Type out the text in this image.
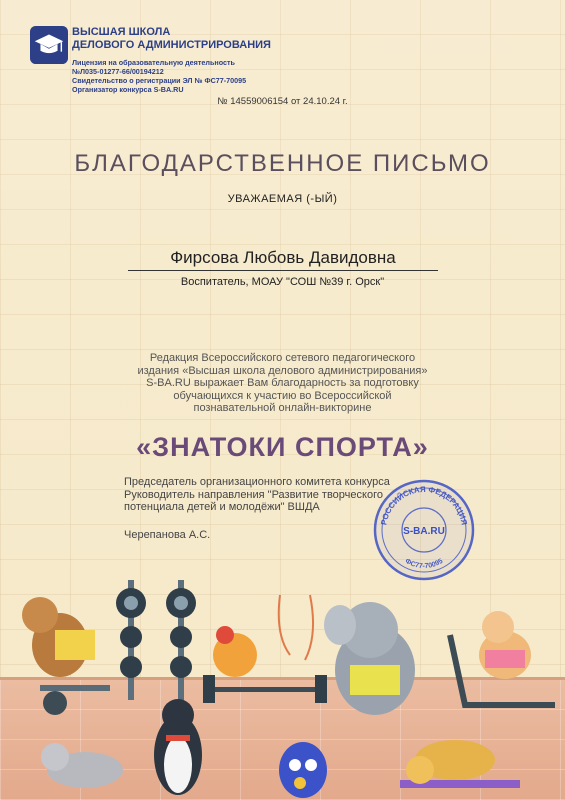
ВЫСШАЯ ШКОЛА
ДЕЛОВОГО АДМИНИСТРИРОВАНИЯ
Лицензия на образовательную деятельность
№Л035-01277-66/00194212
Свидетельство о регистрации ЭЛ № ФС77-70095
Организатор конкурса S-BA.RU
№ 14559006154 от 24.10.24 г.
БЛАГОДАРСТВЕННОЕ ПИСЬМО
УВАЖАЕМАЯ (-ЫЙ)
Фирсова Любовь Давидовна
Воспитатель, МОАУ "СОШ №39 г. Орск"
Редакция Всероссийского сетевого педагогического
издания «Высшая школа делового администрирования»
S-BA.RU выражает Вам благодарность за подготовку
обучающихся к участию во Всероссийской
познавательной онлайн-викторине
«ЗНАТОКИ СПОРТА»
Председатель организационного комитета конкурса
Руководитель направления "Развитие творческого
потенциала детей и молодёжи" ВШДА
Черепанова А.С.
РОССИЙСКАЯ ФЕДЕРАЦИЯ
ФС77-70095
S-BA.RU
